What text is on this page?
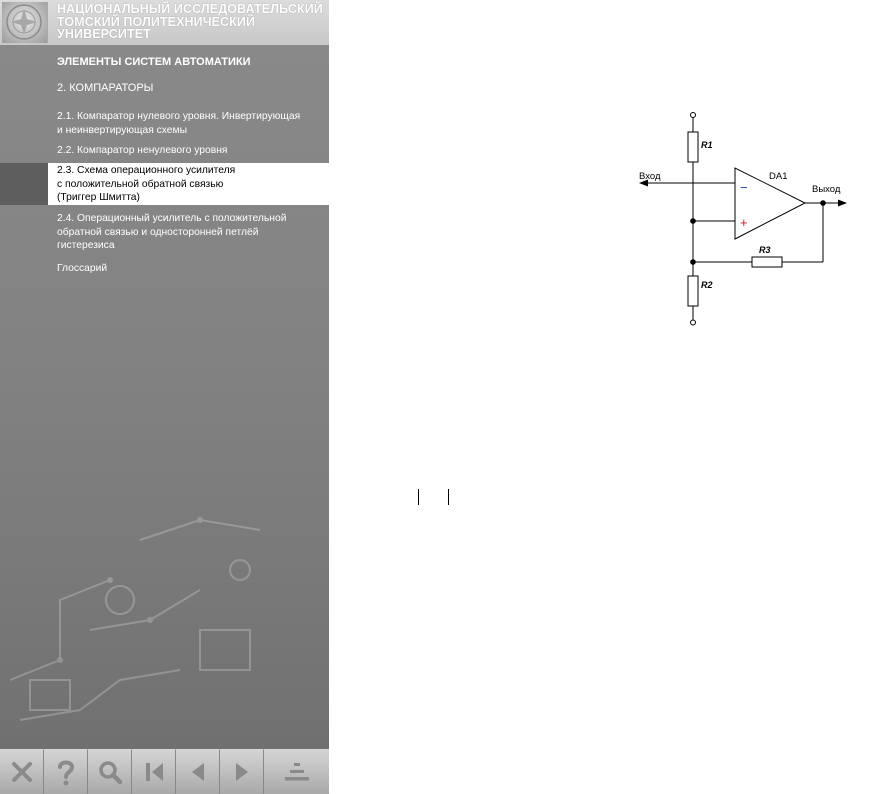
НАЦИОНАЛЬНЫЙ ИССЛЕДОВАТЕЛЬСКИЙ
ТОМСКИЙ ПОЛИТЕХНИЧЕСКИЙ
УНИВЕРСИТЕТ
ЭЛЕМЕНТЫ СИСТЕМ АВТОМАТИКИ
2. КОМПАРАТОРЫ
2.1. Компаратор нулевого уровня. Инвертирующая
и неинвертирующая схемы
2.2. Компаратор ненулевого уровня
2.3. Схема операционного усилителя
с положительной обратной связью
(Триггер Шмитта)
2.4. Операционный усилитель с положительной
обратной связью и односторонней петлёй
гистерезиса
Глоссарий
Вход
Выход
DA1
R1
R2
R3
−
+
